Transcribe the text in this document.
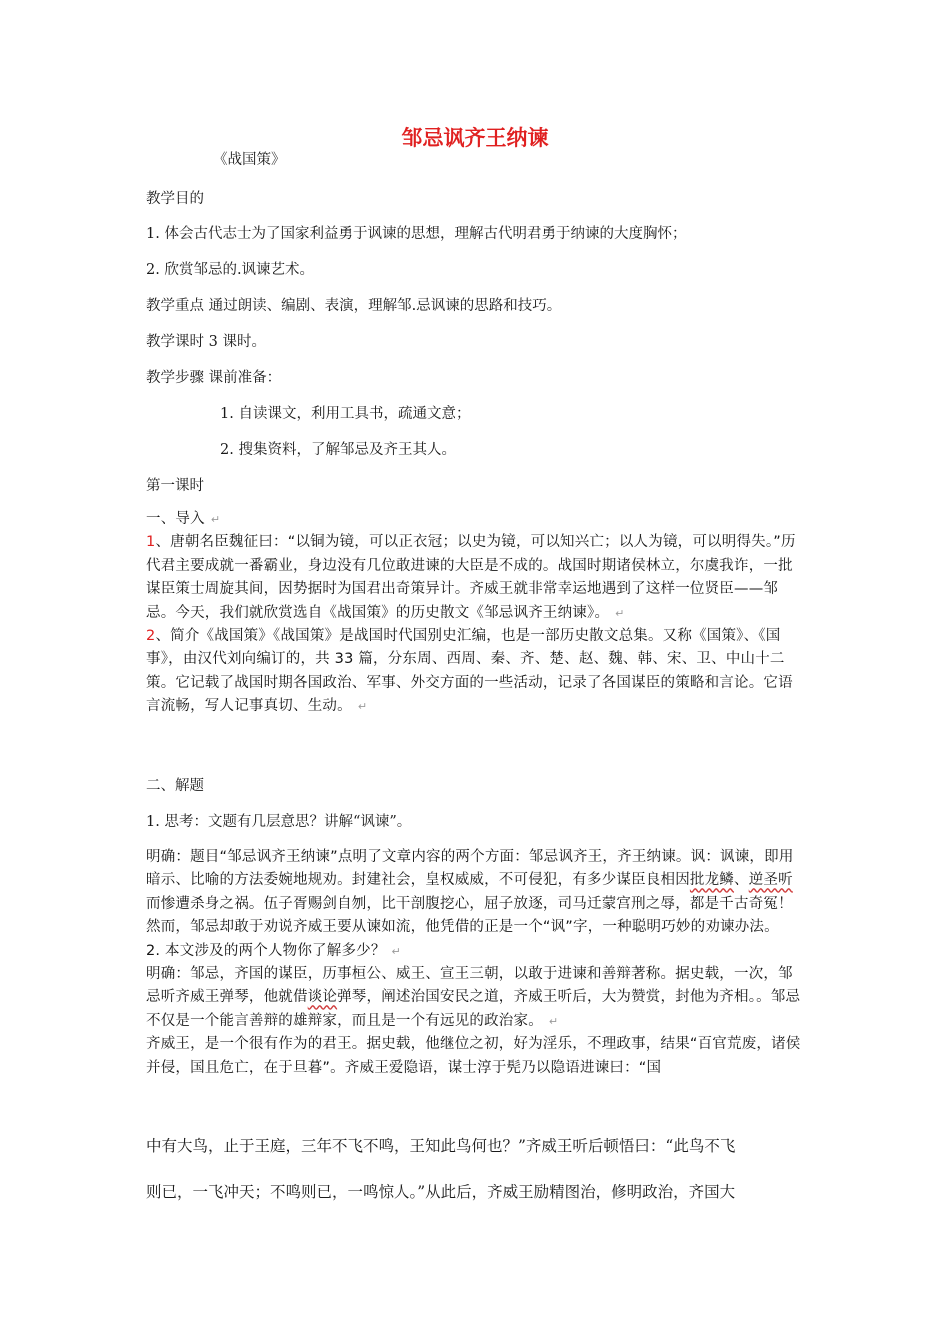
邹忌讽齐王纳谏
《战国策》
教学目的
1. 体会古代志士为了国家利益勇于讽谏的思想，理解古代明君勇于纳谏的大度胸怀；
2. 欣赏邹忌的.讽谏艺术。
教学重点 通过朗读、编剧、表演，理解邹.忌讽谏的思路和技巧。
教学课时 3 课时。
教学步骤 课前准备：
1. 自读课文，利用工具书，疏通文意；
2. 搜集资料，了解邹忌及齐王其人。
第一课时

一、导入 ↵

1、唐朝名臣魏征曰：“以铜为镜，可以正衣冠；以史为镜，可以知兴亡；以人为镜，可以明得失。”历代君主要成就一番霸业，身边没有几位敢进谏的大臣是不成的。战国时期诸侯林立，尔虞我诈，一批谋臣策士周旋其间，因势据时为国君出奇策异计。齐威王就非常幸运地遇到了这样一位贤臣——邹忌。今天，我们就欣赏选自《战国策》的历史散文《邹忌讽齐王纳谏》。 ↵

2、简介《战国策》《战国策》是战国时代国别史汇编，也是一部历史散文总集。又称《国策》、《国事》，由汉代刘向编订的，共 33 篇，分东周、西周、秦、齐、楚、赵、魏、韩、宋、卫、中山十二策。它记载了战国时期各国政治、军事、外交方面的一些活动，记录了各国谋臣的策略和言论。它语言流畅，写人记事真切、生动。 ↵

二、解题
1. 思考：文题有几层意思？讲解“讽谏”。

明确：题目“邹忌讽齐王纳谏”点明了文章内容的两个方面：邹忌讽齐王，齐王纳谏。讽：讽谏，即用暗示、比喻的方法委婉地规劝。封建社会，皇权威威，不可侵犯，有多少谋臣良相因批龙鳞、逆圣听而惨遭杀身之祸。伍子胥赐剑自刎，比干剖腹挖心，屈子放逐，司马迁蒙宫刑之辱，都是千古奇冤！然而，邹忌却敢于劝说齐威王要从谏如流，他凭借的正是一个“讽”字，一种聪明巧妙的劝谏办法。

2. 本文涉及的两个人物你了解多少？ ↵

明确：邹忌，齐国的谋臣，历事桓公、威王、宣王三朝，以敢于进谏和善辩著称。据史载，一次，邹忌听齐威王弹琴，他就借谈论弹琴，阐述治国安民之道，齐威王听后，大为赞赏，封他为齐相。。邹忌不仅是一个能言善辩的雄辩家，而且是一个有远见的政治家。 ↵

齐威王，是一个很有作为的君王。据史载，他继位之初，好为淫乐，不理政事，结果“百官荒废，诸侯并侵，国且危亡，在于旦暮”。齐威王爱隐语，谋士淳于髡乃以隐语进谏曰：“国

中有大鸟，止于王庭，三年不飞不鸣，王知此鸟何也？”齐威王听后顿悟曰：“此鸟不飞
则已，一飞冲天；不鸣则已，一鸣惊人。”从此后，齐威王励精图治，修明政治，齐国大
